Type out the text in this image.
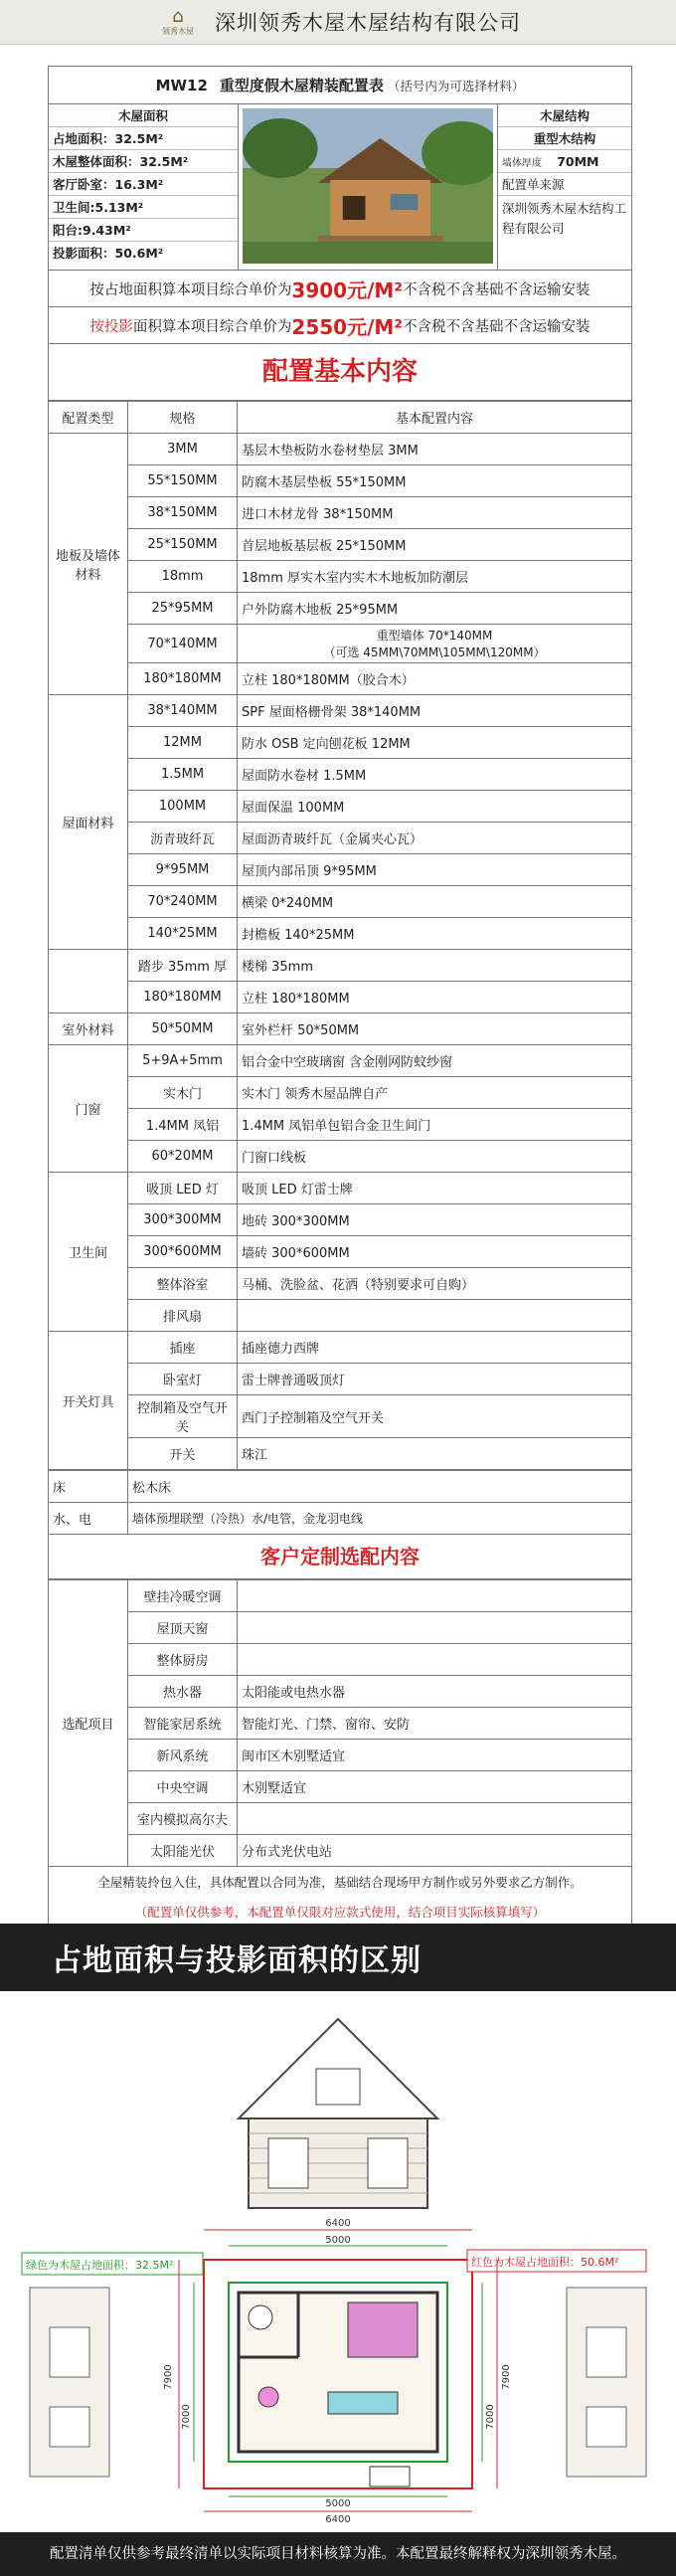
⌂
领秀木屋 深圳领秀木屋木屋结构有限公司
MW12 重型度假木屋精装配置表 （括号内为可选择材料）
木屋面积
占地面积：32.5M²
木屋整体面积：32.5M²
客厅卧室：16.3M²
卫生间:5.13M²
阳台:9.43M²
投影面积：50.6M²
木屋结构
重型木结构
墙体厚度 70MM
配置单来源
深圳领秀木屋木结构工程有限公司
按占地面积算本项目综合单价为 3900元/M² 不含税不含基础不含运输安装
按投影 面积算本项目综合单价为 2550元/M² 不含税不含基础不含运输安装
配置基本内容
配置类型	规格	基本配置内容
地板及墙体材料	3MM	基层木垫板防水卷材垫层 3MM
	55*150MM	防腐木基层垫板 55*150MM
	38*150MM	进口木材龙骨 38*150MM
	25*150MM	首层地板基层板 25*150MM
	18mm	18mm 厚实木室内实木木地板加防潮层
	25*95MM	户外防腐木地板 25*95MM
	70*140MM	重型墙体 70*140MM
（可选 45MM\70MM\105MM\120MM）
	180*180MM	立柱 180*180MM（胶合木）
屋面材料	38*140MM	SPF 屋面格栅骨架 38*140MM
	12MM	防水 OSB 定向刨花板 12MM
	1.5MM	屋面防水卷材 1.5MM
	100MM	屋面保温 100MM
	沥青玻纤瓦	屋面沥青玻纤瓦（金属夹心瓦）
	9*95MM	屋顶内部吊顶 9*95MM
	70*240MM	横梁 0*240MM
	140*25MM	封檐板 140*25MM
	踏步 35mm 厚	楼梯 35mm
	180*180MM	立柱 180*180MM
室外材料	50*50MM	室外栏杆 50*50MM
门窗	5+9A+5mm	铝合金中空玻璃窗 含金刚网防蚊纱窗
	实木门	实木门 领秀木屋品牌自产
	1.4MM 凤铝	1.4MM 凤铝单包铝合金卫生间门
	60*20MM	门窗口线板
卫生间	吸顶 LED 灯	吸顶 LED 灯雷士牌
	300*300MM	地砖 300*300MM
	300*600MM	墙砖 300*600MM
	整体浴室	马桶、洗脸盆、花洒（特别要求可自购）
	排风扇	
开关灯具	插座	插座德力西牌
	卧室灯	雷士牌普通吸顶灯
	控制箱及空气开关	西门子控制箱及空气开关
	开关	珠江
床	松木床
水、电	墙体预埋联塑（冷热）水/电管，金龙羽电线
客户定制选配内容
选配项目	壁挂冷暖空调	
	屋顶天窗	
	整体厨房	
	热水器	太阳能或电热水器
	智能家居系统	智能灯光、门禁、窗帘、安防
	新风系统	闽市区木别墅适宜
	中央空调	木别墅适宜
	室内模拟高尔夫	
	太阳能光伏	分布式光伏电站
全屋精装拎包入住，具体配置以合同为准，基础结合现场甲方制作或另外要求乙方制作。
（配置单仅供参考，本配置单仅限对应款式使用，结合项目实际核算填写）
占地面积与投影面积的区别
绿色为木屋占地面积：32.5M²	红色为木屋占地面积：50.6M²
6400
5000
6400
5000
7900
7000
7900
7000
配置清单仅供参考最终清单以实际项目材料核算为准。本配置最终解释权为深圳领秀木屋。
